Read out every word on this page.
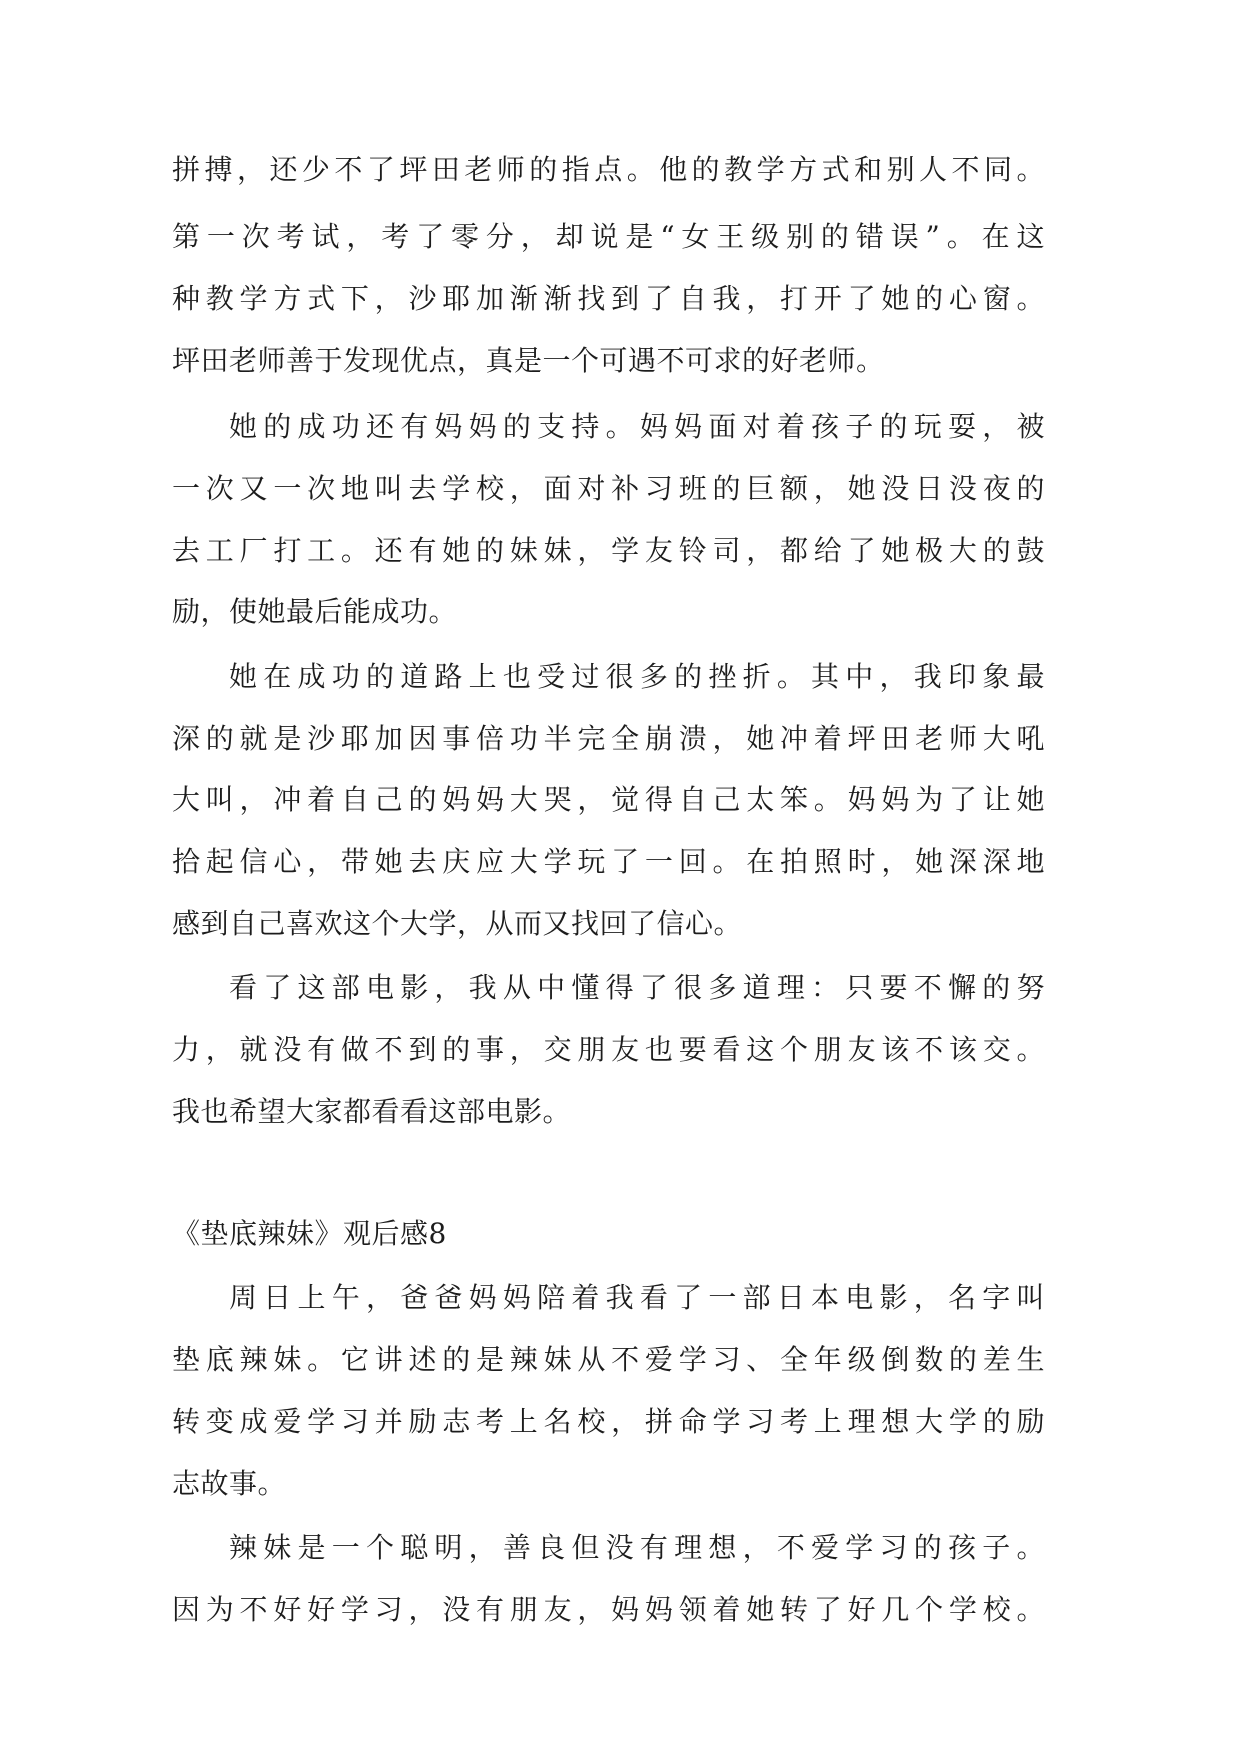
拼搏，还少不了坪田老师的指点。他的教学方式和别人不同。
第一次考试，考了零分，却说是“女王级别的错误”。在这
种教学方式下，沙耶加渐渐找到了自我，打开了她的心窗。
坪田老师善于发现优点，真是一个可遇不可求的好老师。
她的成功还有妈妈的支持。妈妈面对着孩子的玩耍，被
一次又一次地叫去学校，面对补习班的巨额，她没日没夜的
去工厂打工。还有她的妹妹，学友铃司，都给了她极大的鼓
励，使她最后能成功。
她在成功的道路上也受过很多的挫折。其中，我印象最
深的就是沙耶加因事倍功半完全崩溃，她冲着坪田老师大吼
大叫，冲着自己的妈妈大哭，觉得自己太笨。妈妈为了让她
拾起信心，带她去庆应大学玩了一回。在拍照时，她深深地
感到自己喜欢这个大学，从而又找回了信心。
看了这部电影，我从中懂得了很多道理：只要不懈的努
力，就没有做不到的事，交朋友也要看这个朋友该不该交。
我也希望大家都看看这部电影。
《垫底辣妹》观后感8
周日上午，爸爸妈妈陪着我看了一部日本电影，名字叫
垫底辣妹。它讲述的是辣妹从不爱学习、全年级倒数的差生
转变成爱学习并励志考上名校，拼命学习考上理想大学的励
志故事。
辣妹是一个聪明，善良但没有理想，不爱学习的孩子。
因为不好好学习，没有朋友，妈妈领着她转了好几个学校。
